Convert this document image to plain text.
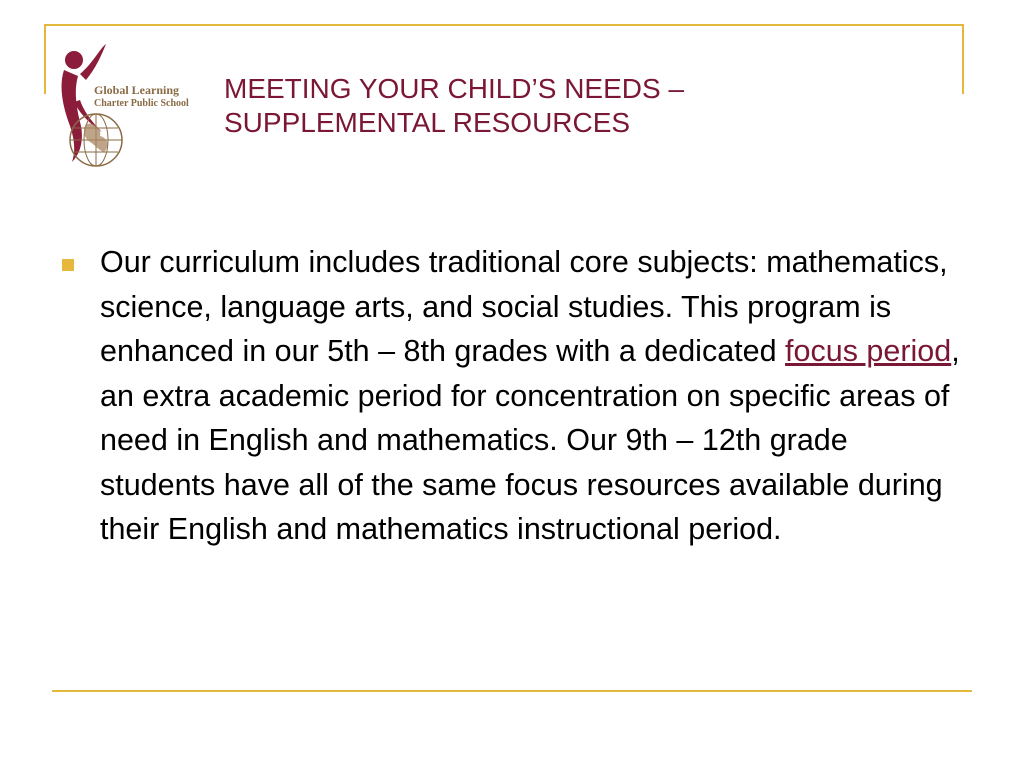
Global Learning
Charter Public School MEETING YOUR CHILD’S NEEDS –
SUPPLEMENTAL RESOURCES

Our curriculum includes traditional core subjects: mathematics, science, language arts, and social studies. This program is enhanced in our 5th – 8th grades with a dedicated focus period, an extra academic period for concentration on specific areas of need in English and mathematics. Our 9th – 12th grade students have all of the same focus resources available during their English and mathematics instructional period.
